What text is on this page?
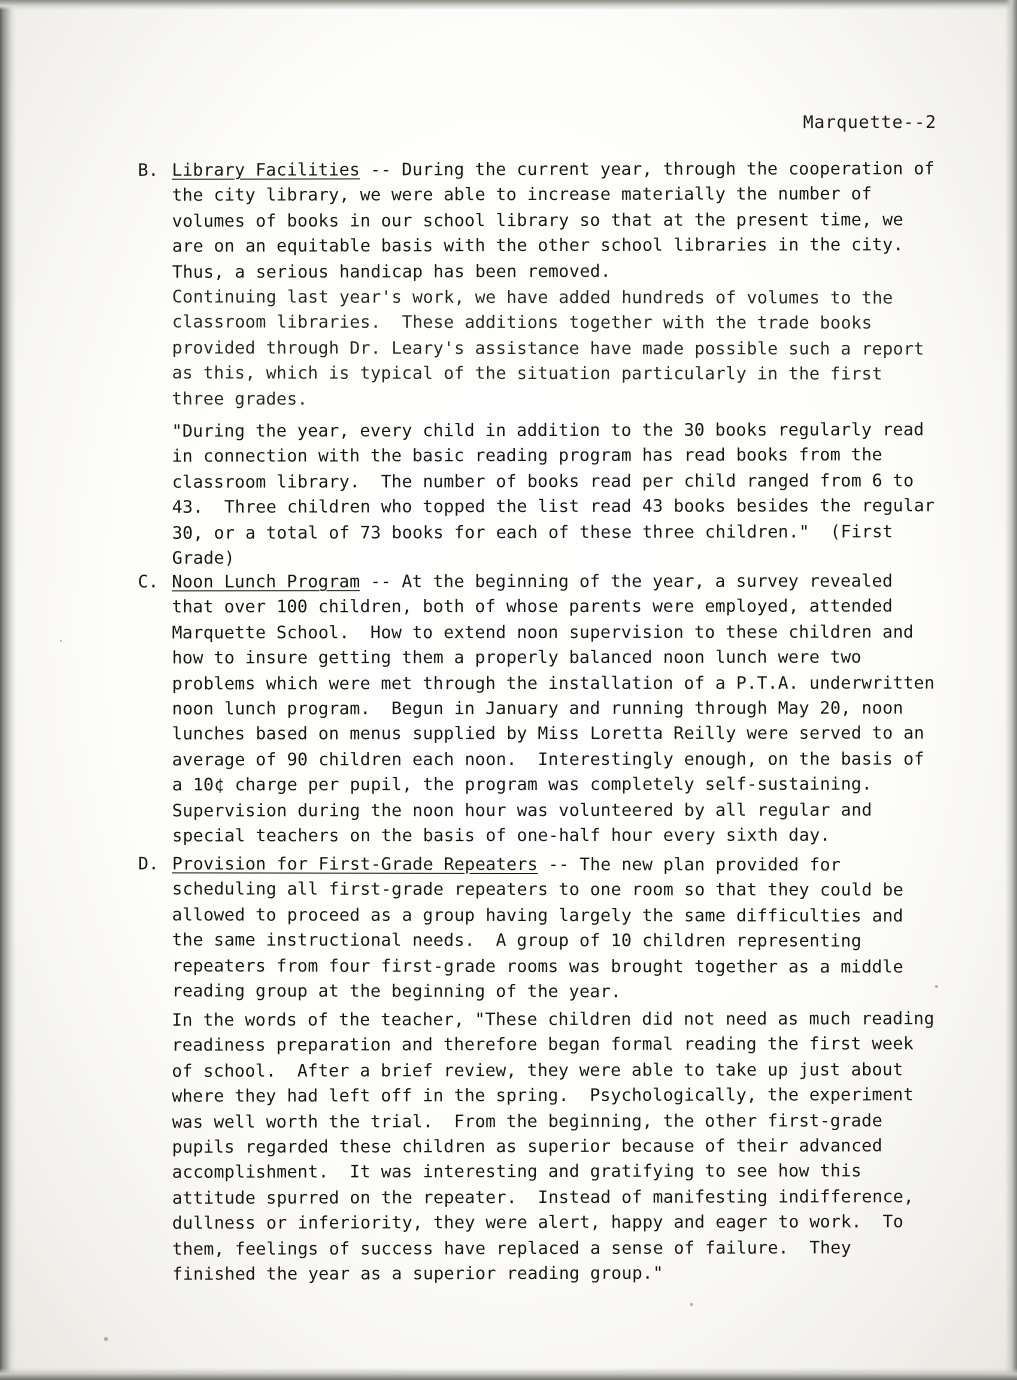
Marquette--2
B. Library Facilities -- During the current year, through the cooperation of the city library, we were able to increase materially the number of volumes of books in our school library so that at the present time, we are on an equitable basis with the other school libraries in the city.  Thus, a serious handicap has been removed.
Continuing last year's work, we have added hundreds of volumes to the classroom libraries.  These additions together with the trade books provided through Dr. Leary's assistance have made possible such a report as this, which is typical of the situation particularly in the first three grades.
"During the year, every child in addition to the 30 books regularly read in connection with the basic reading program has read books from the classroom library.  The number of books read per child ranged from 6 to 43.  Three children who topped the list read 43 books besides the regular 30, or a total of 73 books for each of these three children."  (First Grade)
C. Noon Lunch Program -- At the beginning of the year, a survey revealed that over 100 children, both of whose parents were employed, attended Marquette School.  How to extend noon supervision to these children and how to insure getting them a properly balanced noon lunch were two problems which were met through the installation of a P.T.A. underwritten noon lunch program.  Begun in January and running through May 20, noon lunches based on menus supplied by Miss Loretta Reilly were served to an average of 90 children each noon.  Interestingly enough, on the basis of a 10¢ charge per pupil, the program was completely self-sustaining.  Supervision during the noon hour was volunteered by all regular and special teachers on the basis of one-half hour every sixth day.
D. Provision for First-Grade Repeaters -- The new plan provided for scheduling all first-grade repeaters to one room so that they could be allowed to proceed as a group having largely the same difficulties and the same instructional needs.  A group of 10 children representing repeaters from four first-grade rooms was brought together as a middle reading group at the beginning of the year.
In the words of the teacher, "These children did not need as much reading readiness preparation and therefore began formal reading the first week of school.  After a brief review, they were able to take up just about where they had left off in the spring.  Psychologically, the experiment was well worth the trial.  From the beginning, the other first-grade pupils regarded these children as superior because of their advanced accomplishment.  It was interesting and gratifying to see how this attitude spurred on the repeater.  Instead of manifesting indifference, dullness or inferiority, they were alert, happy and eager to work.  To them, feelings of success have replaced a sense of failure.  They finished the year as a superior reading group."
